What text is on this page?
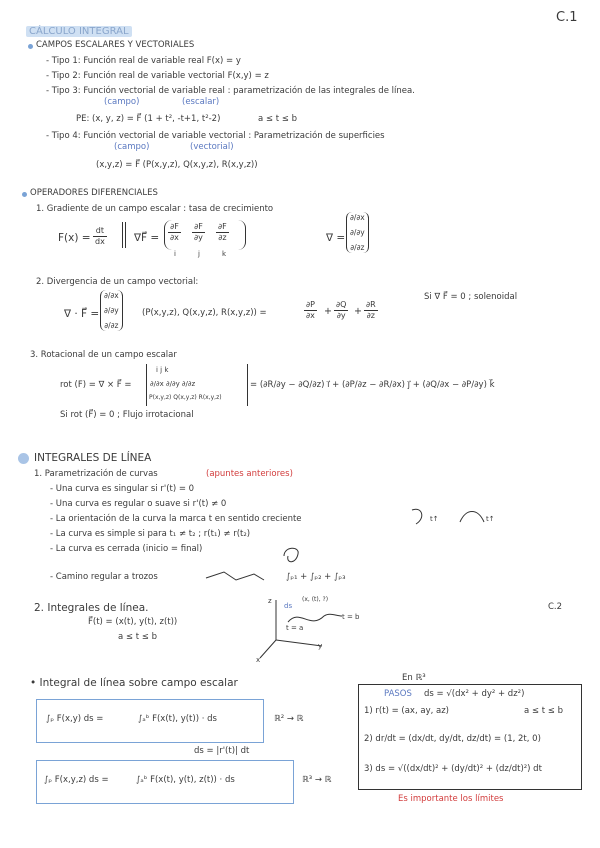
CÁLCULO INTEGRAL
C.1
CAMPOS ESCALARES Y VECTORIALES
- Tipo 1: Función real de variable real F(x) = y
- Tipo 2: Función real de variable vectorial F(x,y) = z
- Tipo 3: Función vectorial de variable real : parametrización de las integrales de línea.
(campo)	(escalar)
PE: (x, y, z) = F⃗ (1 + t², -t+1, t²-2)	a ≤ t ≤ b
- Tipo 4: Función vectorial de variable vectorial : Parametrización de superficies
(campo)	(vectorial)
(x,y,z) = F⃗ (P(x,y,z), Q(x,y,z), R(x,y,z))
OPERADORES DIFERENCIALES
1. Gradiente de un campo escalar : tasa de crecimiento
$F(x) = \frac{dt}{dx}$	∇F⃗ = $\frac{\partial F}{\partial x} \frac{\partial F}{\partial y} \frac{\partial F}{\partial z}$
i	j	k
∇ =
∂/∂x
∂/∂y
∂/∂z
2. Divergencia de un campo vectorial:
∇ · F⃗ =
∂/∂x
∂/∂y
∂/∂z
(P(x,y,z), Q(x,y,z), R(x,y,z)) =	$\frac{\partial P}{\partial x} + \frac{\partial Q}{\partial y} + \frac{\partial R}{\partial z}$
Si ∇ F⃗ = 0 ; solenoidal
3. Rotacional de un campo escalar
rot (F) = ∇ × F⃗ =
i j k
∂/∂x ∂/∂y ∂/∂z
P(x,y,z) Q(x,y,z) R(x,y,z)
= (∂R/∂y − ∂Q/∂z) i⃗ + (∂P/∂z − ∂R/∂x) j⃗ + (∂Q/∂x − ∂P/∂y) k⃗
Si rot (F⃗) = 0 ; Flujo irrotacional
INTEGRALES DE LÍNEA
1. Parametrización de curvas	(apuntes anteriores)
- Una curva es singular si r'(t) = 0
- Una curva es regular o suave si r'(t) ≠ 0
- La orientación de la curva la marca t en sentido creciente
- La curva es simple si para t₁ ≠ t₂ ; r(t₁) ≠ r(t₂)
- La curva es cerrada (inicio = final)
- Camino regular a trozos	∫ₚ₁ + ∫ₚ₂ + ∫ₚ₃
t↑	t↑
2. Integrales de línea.
F⃗(t) = (x(t), y(t), z(t))
a ≤ t ≤ b
C.2
z
y
x
ds
(x, (t), ?)
t = a
t = b
• Integral de línea sobre campo escalar	En ℝ³
∫ₚ F(x,y) ds =	∫ₐᵇ F(x(t), y(t)) · ds	ℝ² → ℝ
ds = |r'(t)| dt
∫ₚ F(x,y,z) ds =	∫ₐᵇ F(x(t), y(t), z(t)) · ds	ℝ³ → ℝ
PASOS ds = √(dx² + dy² + dz²)
1) r(t) = (ax, ay, az)	a ≤ t ≤ b
2) dr/dt = (dx/dt, dy/dt, dz/dt) = (1, 2t, 0)
3) ds = √((dx/dt)² + (dy/dt)² + (dz/dt)²) dt
Es importante los límites
